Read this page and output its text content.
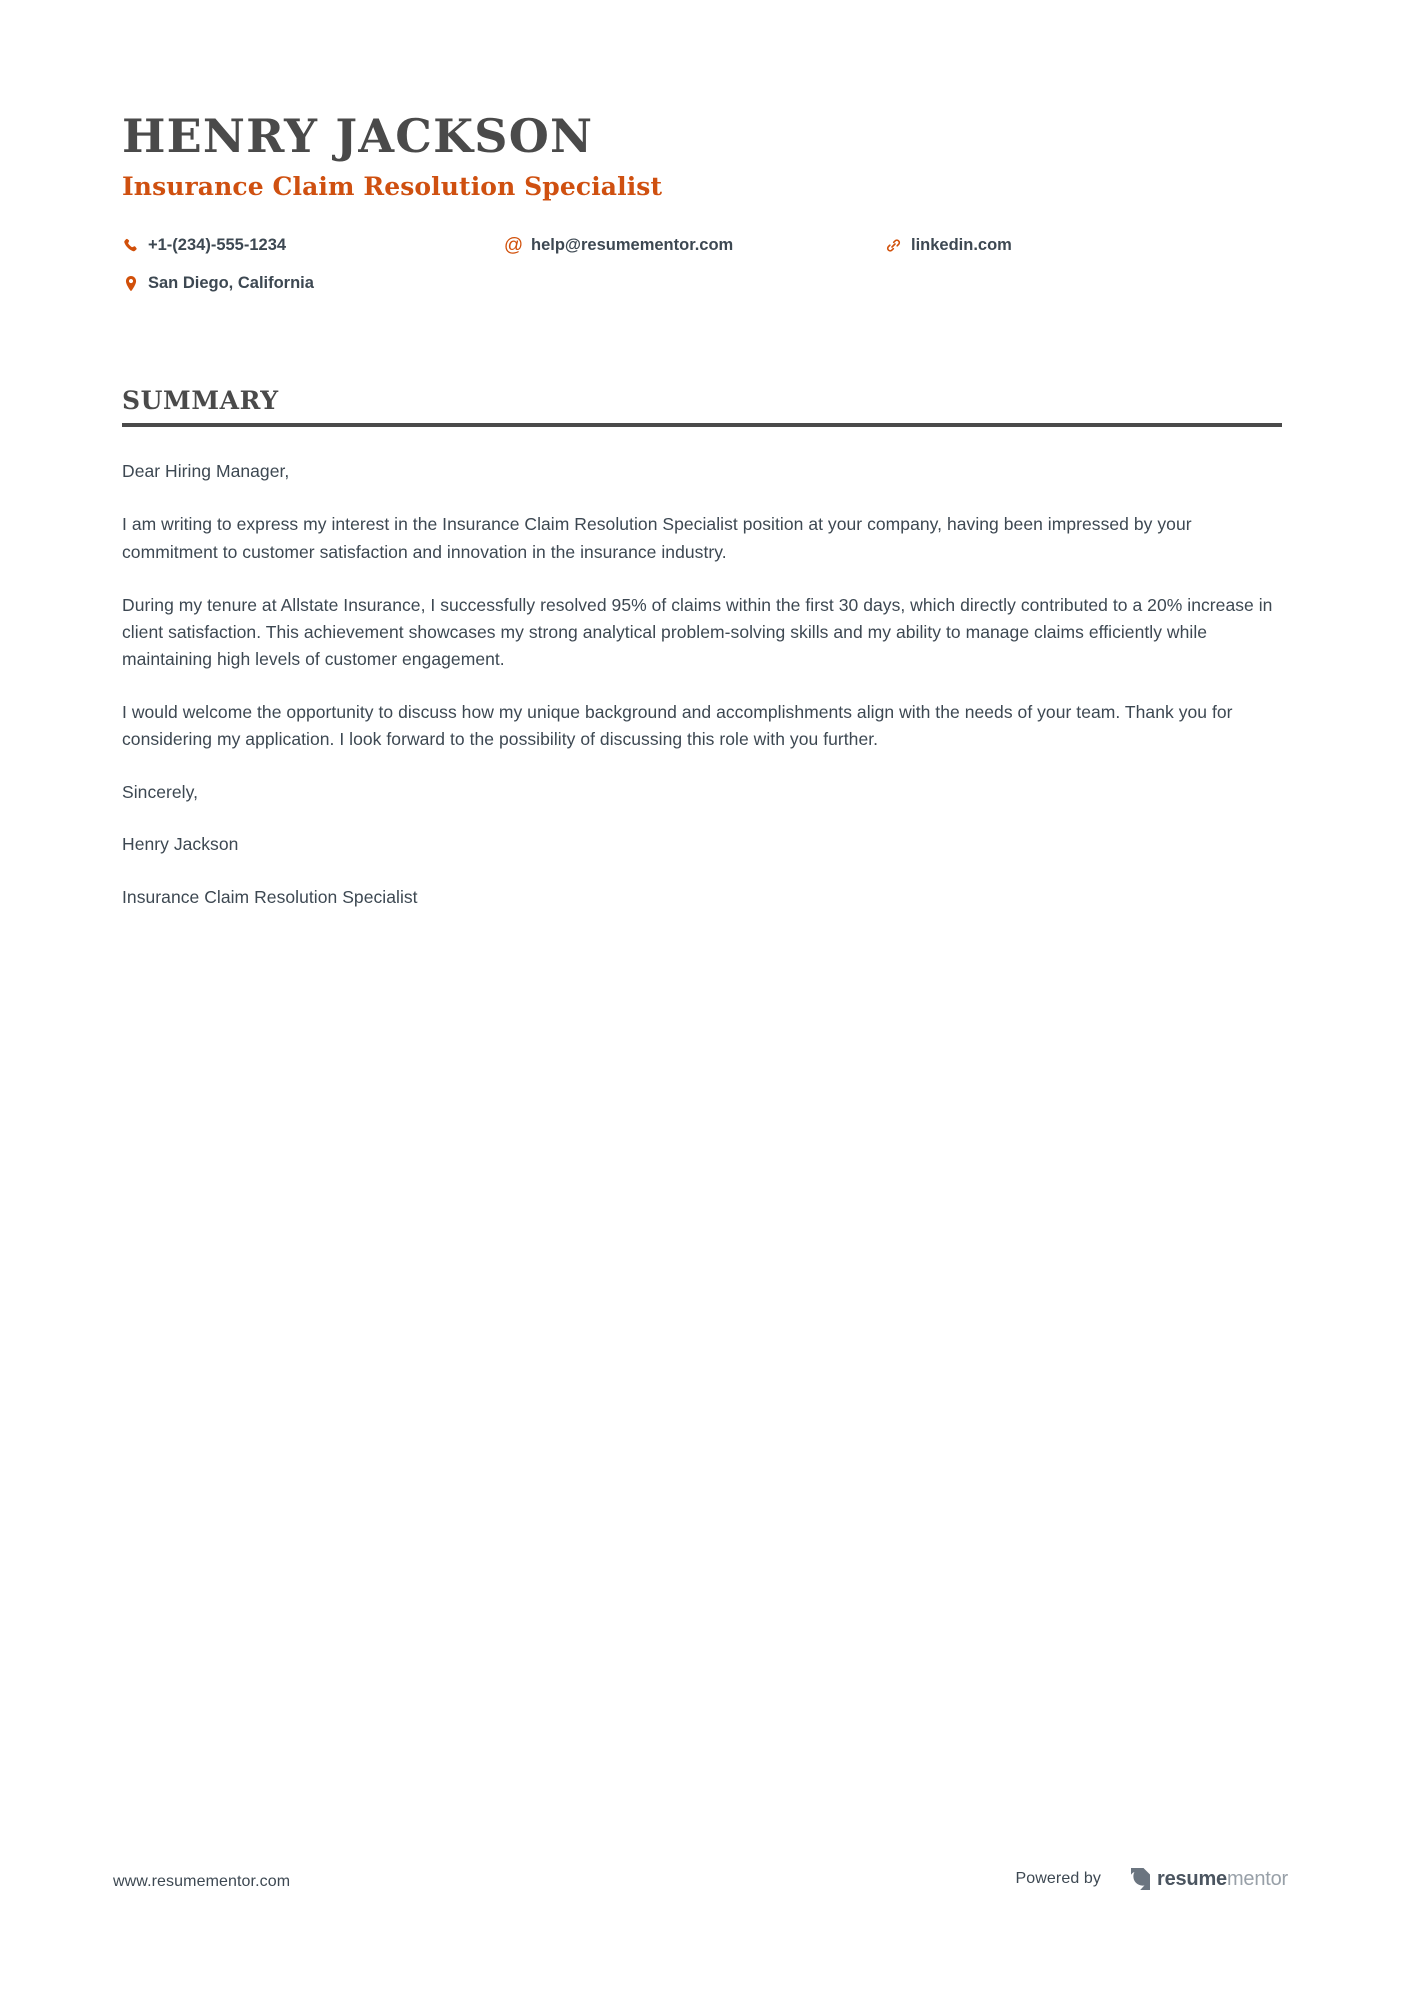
HENRY JACKSON
Insurance Claim Resolution Specialist
+1-(234)-555-1234	@ help@resumementor.com	linkedin.com
San Diego, California
SUMMARY

Dear Hiring Manager,

I am writing to express my interest in the Insurance Claim Resolution Specialist position at your company, having been impressed by your commitment to customer satisfaction and innovation in the insurance industry.

During my tenure at Allstate Insurance, I successfully resolved 95% of claims within the first 30 days, which directly contributed to a 20% increase in client satisfaction. This achievement showcases my strong analytical problem-solving skills and my ability to manage claims efficiently while maintaining high levels of customer engagement.

I would welcome the opportunity to discuss how my unique background and accomplishments align with the needs of your team. Thank you for considering my application. I look forward to the possibility of discussing this role with you further.

Sincerely,

Henry Jackson

Insurance Claim Resolution Specialist

www.resumementor.com	Powered by	resumementor
